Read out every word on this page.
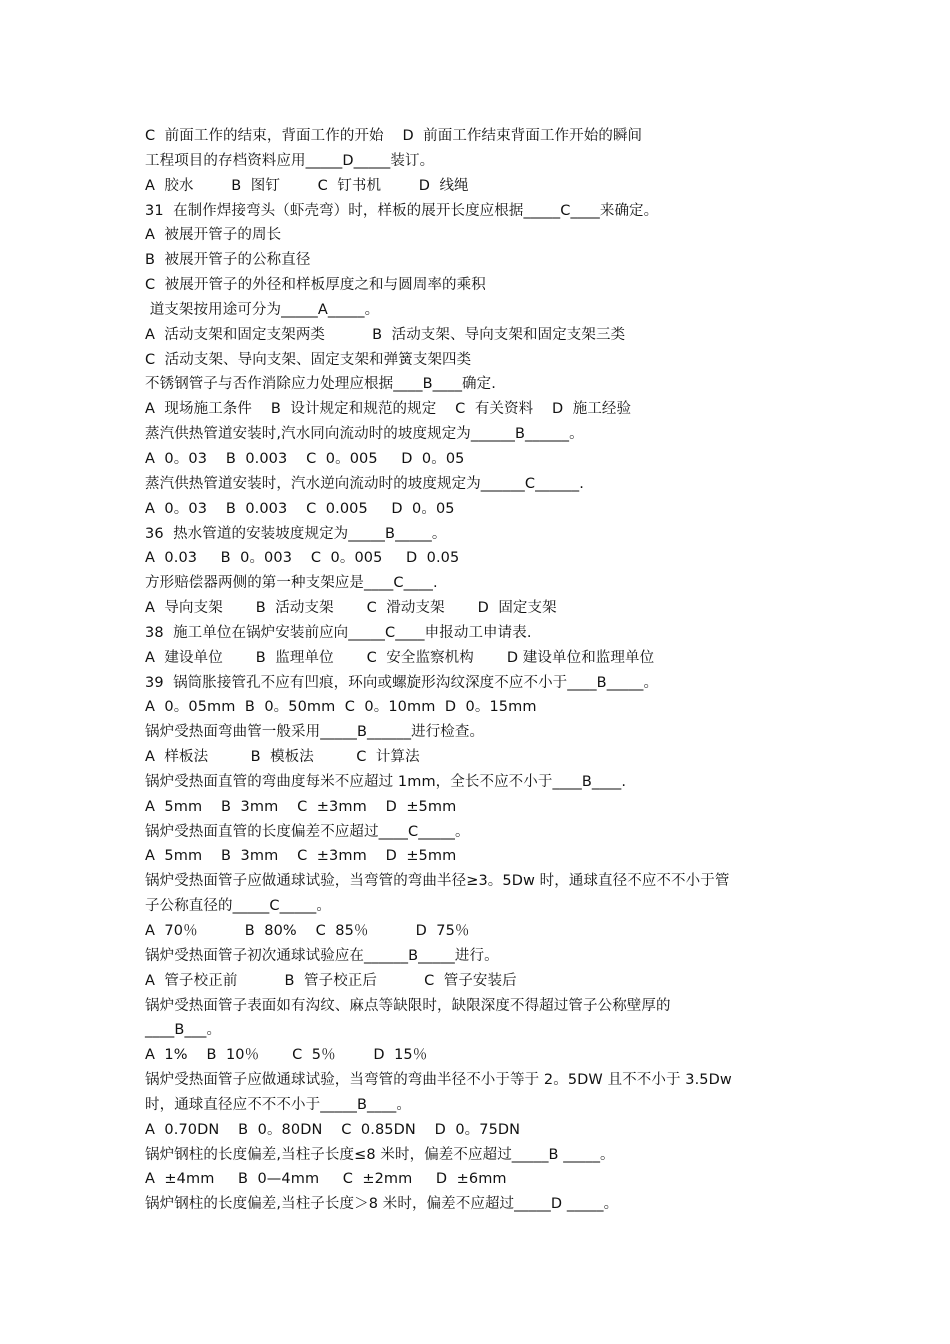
C  前面工作的结束，背面工作的开始    D  前面工作结束背面工作开始的瞬间
工程项目的存档资料应用_____D_____装订。
A  胶水        B  图钉        C  钉书机        D  线绳
31  在制作焊接弯头（虾壳弯）时，样板的展开长度应根据_____C____来确定。
A  被展开管子的周长
B  被展开管子的公称直径
C  被展开管子的外径和样板厚度之和与圆周率的乘积
道支架按用途可分为_____A_____。
A  活动支架和固定支架两类          B  活动支架、导向支架和固定支架三类
C  活动支架、导向支架、固定支架和弹簧支架四类
不锈钢管子与否作消除应力处理应根据____B____确定.
A  现场施工条件    B  设计规定和规范的规定    C  有关资料    D  施工经验
蒸汽供热管道安装时,汽水同向流动时的坡度规定为______B______。
A  0。03    B  0.003    C  0。005     D  0。05
蒸汽供热管道安装时，汽水逆向流动时的坡度规定为______C______.
A  0。03    B  0.003    C  0.005     D  0。05
36  热水管道的安装坡度规定为_____B_____。
A  0.03     B  0。003    C  0。005     D  0.05
方形赔偿器两侧的第一种支架应是____C____.
A  导向支架       B  活动支架       C  滑动支架       D  固定支架
38  施工单位在锅炉安装前应向_____C____申报动工申请表.
A  建设单位       B  监理单位       C  安全监察机构       D 建设单位和监理单位
39  锅筒胀接管孔不应有凹痕，环向或螺旋形沟纹深度不应不小于____B_____。
A  0。05mm  B  0。50mm  C  0。10mm  D  0。15mm
锅炉受热面弯曲管一般采用_____B______进行检查。
A  样板法         B  模板法         C  计算法
锅炉受热面直管的弯曲度每米不应超过 1mm，全长不应不小于____B____.
A  5mm    B  3mm    C  ±3mm    D  ±5mm
锅炉受热面直管的长度偏差不应超过____C_____。
A  5mm    B  3mm    C  ±3mm    D  ±5mm
锅炉受热面管子应做通球试验，当弯管的弯曲半径≥3。5Dw 时，通球直径不应不不小于管
子公称直径的_____C_____。
A  70％          B  80%    C  85％          D  75％
锅炉受热面管子初次通球试验应在______B_____进行。
A  管子校正前          B  管子校正后          C  管子安装后
锅炉受热面管子表面如有沟纹、麻点等缺限时，缺限深度不得超过管子公称壁厚的
____B___。
A  1%    B  10％       C  5％        D  15％
锅炉受热面管子应做通球试验，当弯管的弯曲半径不小于等于 2。5DW 且不不小于 3.5Dw
时，通球直径应不不不小于_____B____。
A  0.70DN    B  0。80DN    C  0.85DN    D  0。75DN
锅炉钢柱的长度偏差,当柱子长度≤8 米时，偏差不应超过_____B _____。
A  ±4mm     B  0—4mm     C  ±2mm     D  ±6mm
锅炉钢柱的长度偏差,当柱子长度＞8 米时，偏差不应超过_____D _____。
